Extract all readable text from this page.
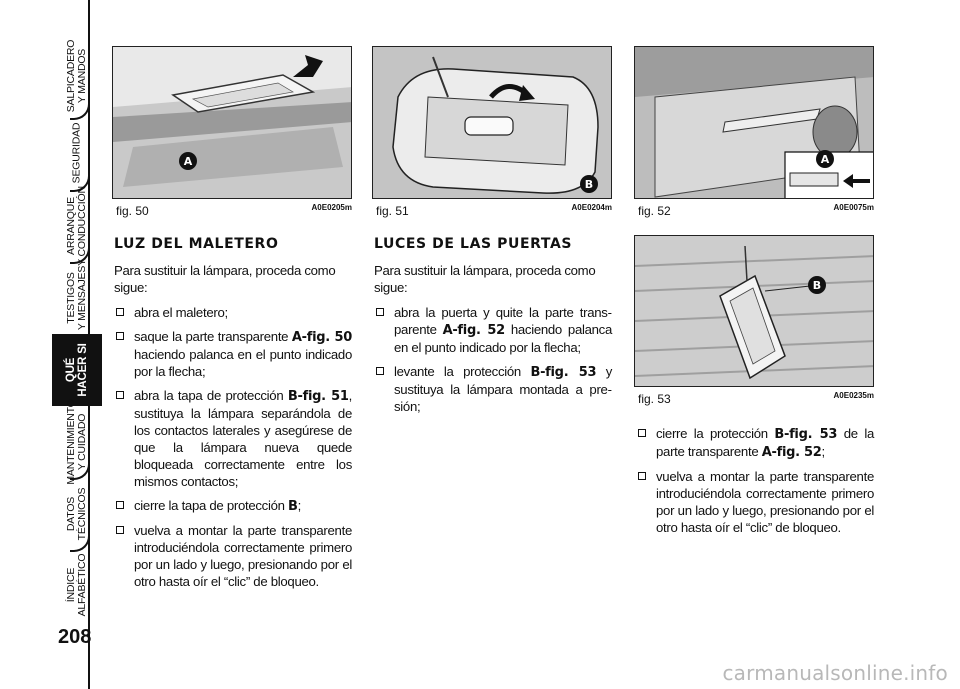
SALPICADERO Y MANDOS
SEGURIDAD
ARRANQUE Y CONDUCCIÓN
TESTIGOS Y MENSAJES
QUÉ HACER SI
MANTENIMIENTO Y CUIDADO
DATOS TÉCNICOS
ÍNDICE ALFABÉTICO
208
A
fig. 50	A0E0205m
B
fig. 51	A0E0204m
A
fig. 52	A0E0075m
B
fig. 53	A0E0235m
LUZ DEL MALETERO
Para sustituir la lámpara, proceda como sigue:
abra el maletero;
saque la parte transparente A-fig. 50 haciendo palanca en el punto indicado por la flecha;
abra la tapa de protección B-fig. 51, sustituya la lámpara separándola de los contactos laterales y asegúrese de que la lámpara nueva quede bloqueada correctamente entre los mismos contactos;
cierre la tapa de protección B;
vuelva a montar la parte transparente introduciéndola correctamente primero por un lado y luego, presionando por el otro hasta oír el “clic” de bloqueo.
LUCES DE LAS PUERTAS
Para sustituir la lámpara, proceda como sigue:
abra la puerta y quite la parte transparente A-fig. 52 haciendo palanca en el punto indicado por la flecha;
levante la protección B-fig. 53 y sustituya la lámpara montada a presión;
cierre la protección B-fig. 53 de la parte transparente A-fig. 52;
vuelva a montar la parte transparente introduciéndola correctamente primero por un lado y luego, presionando por el otro hasta oír el “clic” de bloqueo.
carmanualsonline.info
